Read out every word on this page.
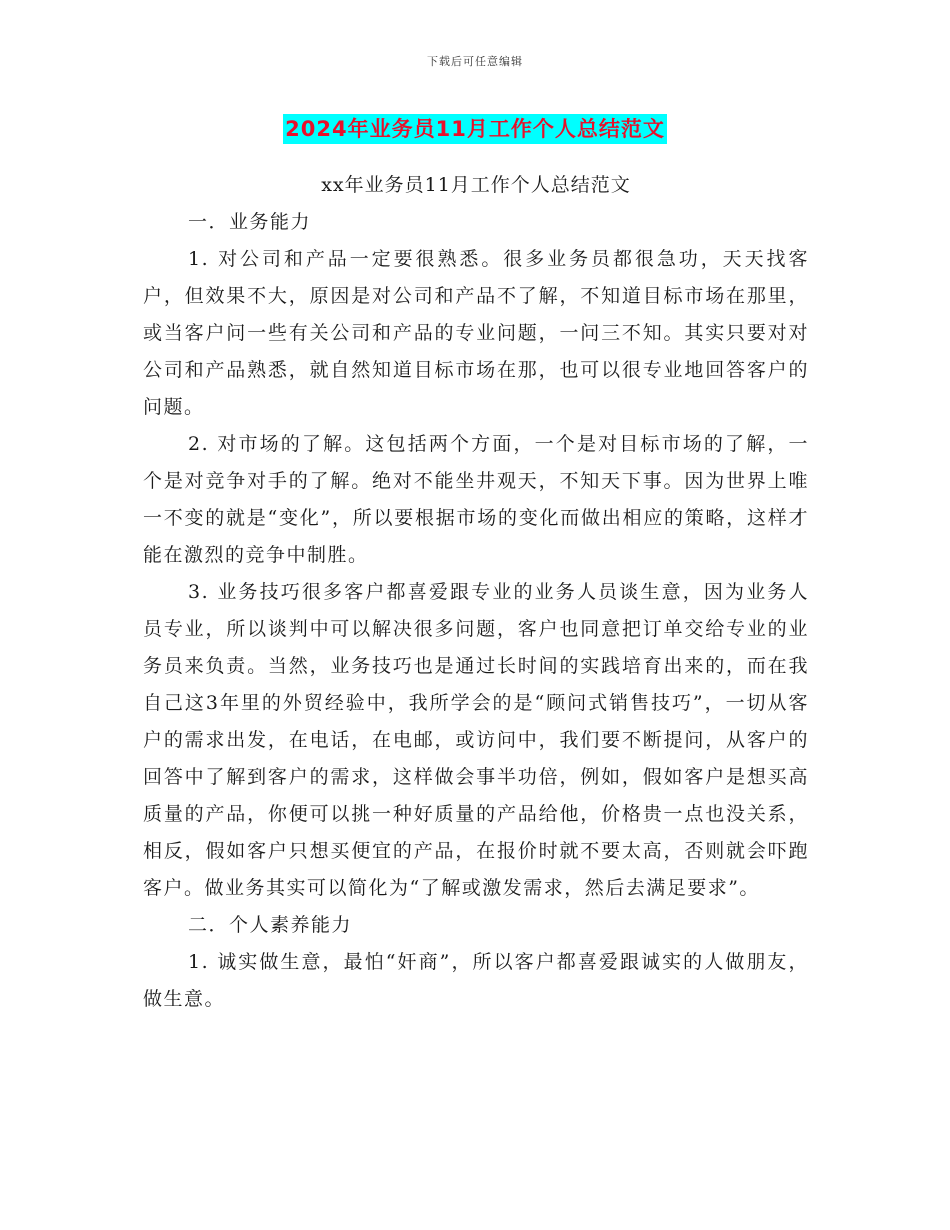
下载后可任意编辑
2024年业务员11月工作个人总结范文

xx年业务员11月工作个人总结范文

一．业务能力

1. 对公司和产品一定要很熟悉。很多业务员都很急功，天天找客户，但效果不大，原因是对公司和产品不了解，不知道目标市场在那里，或当客户问一些有关公司和产品的专业问题，一问三不知。其实只要对对公司和产品熟悉，就自然知道目标市场在那，也可以很专业地回答客户的问题。

2. 对市场的了解。这包括两个方面，一个是对目标市场的了解，一个是对竞争对手的了解。绝对不能坐井观天，不知天下事。因为世界上唯一不变的就是“变化”，所以要根据市场的变化而做出相应的策略，这样才能在激烈的竞争中制胜。

3. 业务技巧很多客户都喜爱跟专业的业务人员谈生意，因为业务人员专业，所以谈判中可以解决很多问题，客户也同意把订单交给专业的业务员来负责。当然，业务技巧也是通过长时间的实践培育出来的，而在我自己这3年里的外贸经验中，我所学会的是“顾问式销售技巧”，一切从客户的需求出发，在电话，在电邮，或访问中，我们要不断提问，从客户的回答中了解到客户的需求，这样做会事半功倍，例如，假如客户是想买高质量的产品，你便可以挑一种好质量的产品给他，价格贵一点也没关系，相反，假如客户只想买便宜的产品，在报价时就不要太高，否则就会吓跑客户。做业务其实可以简化为“了解或激发需求，然后去满足要求”。

二．个人素养能力

1. 诚实做生意，最怕“奸商”，所以客户都喜爱跟诚实的人做朋友，做生意。
